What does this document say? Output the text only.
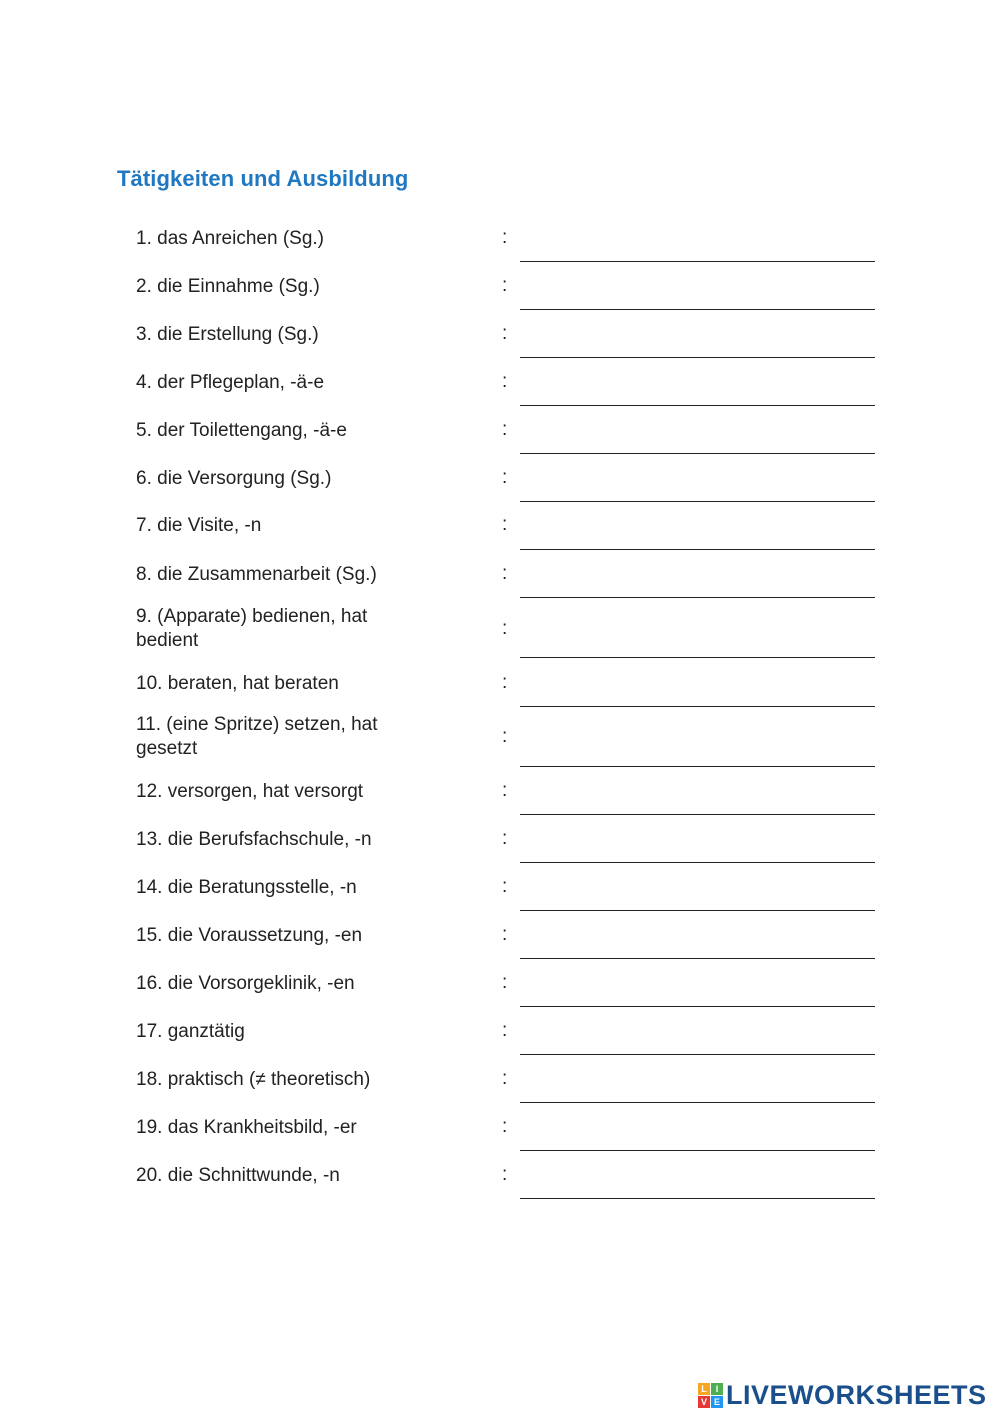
Tätigkeiten und Ausbildung
1. das Anreichen (Sg.)	:
2. die Einnahme (Sg.)	:
3. die Erstellung (Sg.)	:
4. der Pflegeplan, -ä-e	:
5. der Toilettengang, -ä-e	:
6. die Versorgung (Sg.)	:
7. die Visite, -n	:
8. die Zusammenarbeit (Sg.)	:
9. (Apparate) bedienen, hat bedient
:
10. beraten, hat beraten	:
11. (eine Spritze) setzen, hat gesetzt
:
12. versorgen, hat versorgt	:
13. die Berufsfachschule, -n	:
14. die Beratungsstelle, -n	:
15. die Voraussetzung, -en	:
16. die Vorsorgeklinik, -en	:
17. ganztätig	:
18. praktisch (≠ theoretisch)	:
19. das Krankheitsbild, -er	:
20. die Schnittwunde, -n	:
L I
V E LIVEWORKSHEETS
